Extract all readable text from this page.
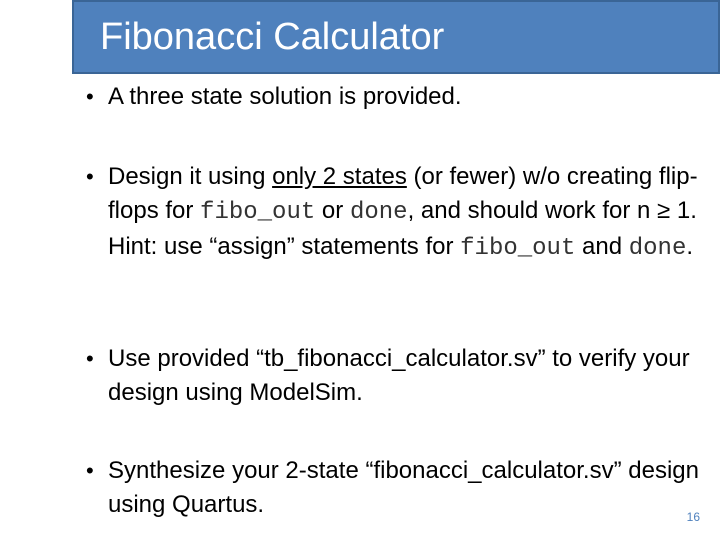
Fibonacci Calculator
• A three state solution is provided.
• Design it using only 2 states (or fewer) w/o creating flip-flops for fibo_out or done, and should work for n ≥ 1. Hint: use “assign” statements for fibo_out and done.
• Use provided “tb_fibonacci_calculator.sv” to verify your design using ModelSim.
• Synthesize your 2-state “fibonacci_calculator.sv” design using Quartus.	16
